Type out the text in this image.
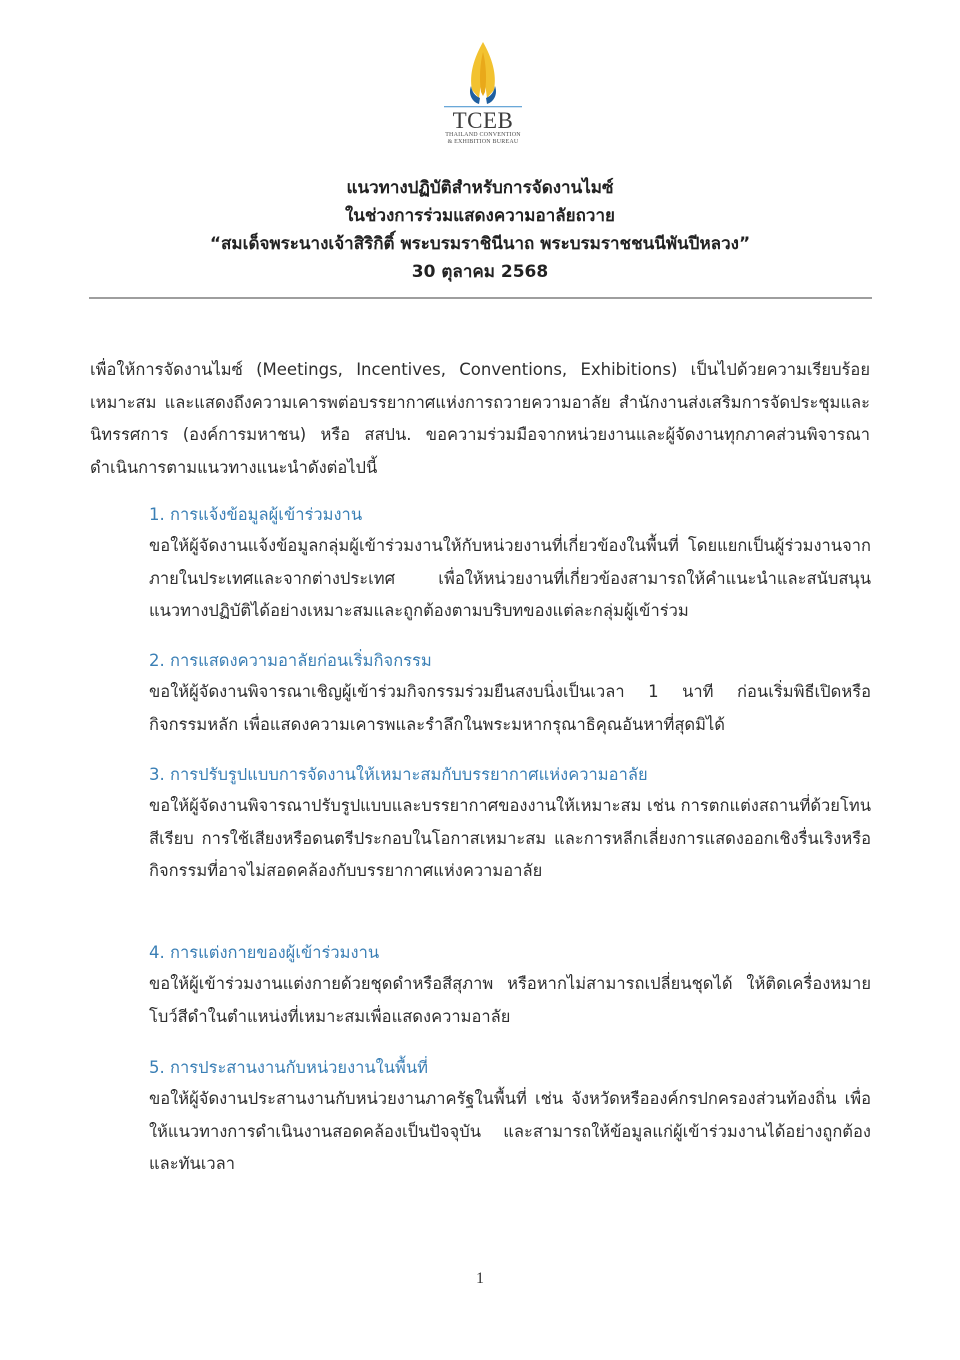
TCEB
THAILAND CONVENTION
& EXHIBITION BUREAU
แนวทางปฏิบัติสำหรับการจัดงานไมซ์
ในช่วงการร่วมแสดงความอาลัยถวาย
“สมเด็จพระนางเจ้าสิริกิติ์ พระบรมราชินีนาถ พระบรมราชชนนีพันปีหลวง”
30 ตุลาคม 2568
เพื่อให้การจัดงานไมซ์ (Meetings, Incentives, Conventions, Exhibitions) เป็นไปด้วยความเรียบร้อย เหมาะสม และแสดงถึงความเคารพต่อบรรยากาศแห่งการถวายความอาลัย สำนักงานส่งเสริมการจัดประชุมและนิทรรศการ (องค์การมหาชน) หรือ สสปน. ขอความร่วมมือจากหน่วยงานและผู้จัดงานทุกภาคส่วนพิจารณาดำเนินการตามแนวทางแนะนำดังต่อไปนี้
1. การแจ้งข้อมูลผู้เข้าร่วมงาน
ขอให้ผู้จัดงานแจ้งข้อมูลกลุ่มผู้เข้าร่วมงานให้กับหน่วยงานที่เกี่ยวข้องในพื้นที่ โดยแยกเป็นผู้ร่วมงานจากภายในประเทศและจากต่างประเทศ เพื่อให้หน่วยงานที่เกี่ยวข้องสามารถให้คำแนะนำและสนับสนุนแนวทางปฏิบัติได้อย่างเหมาะสมและถูกต้องตามบริบทของแต่ละกลุ่มผู้เข้าร่วม
2. การแสดงความอาลัยก่อนเริ่มกิจกรรม
ขอให้ผู้จัดงานพิจารณาเชิญผู้เข้าร่วมกิจกรรมร่วมยืนสงบนิ่งเป็นเวลา 1 นาที ก่อนเริ่มพิธีเปิดหรือกิจกรรมหลัก เพื่อแสดงความเคารพและรำลึกในพระมหากรุณาธิคุณอันหาที่สุดมิได้
3. การปรับรูปแบบการจัดงานให้เหมาะสมกับบรรยากาศแห่งความอาลัย
ขอให้ผู้จัดงานพิจารณาปรับรูปแบบและบรรยากาศของงานให้เหมาะสม เช่น การตกแต่งสถานที่ด้วยโทนสีเรียบ การใช้เสียงหรือดนตรีประกอบในโอกาสเหมาะสม และการหลีกเลี่ยงการแสดงออกเชิงรื่นเริงหรือกิจกรรมที่อาจไม่สอดคล้องกับบรรยากาศแห่งความอาลัย
4. การแต่งกายของผู้เข้าร่วมงาน
ขอให้ผู้เข้าร่วมงานแต่งกายด้วยชุดดำหรือสีสุภาพ หรือหากไม่สามารถเปลี่ยนชุดได้ ให้ติดเครื่องหมายโบว์สีดำในตำแหน่งที่เหมาะสมเพื่อแสดงความอาลัย
5. การประสานงานกับหน่วยงานในพื้นที่
ขอให้ผู้จัดงานประสานงานกับหน่วยงานภาครัฐในพื้นที่ เช่น จังหวัดหรือองค์กรปกครองส่วนท้องถิ่น เพื่อให้แนวทางการดำเนินงานสอดคล้องเป็นปัจจุบัน และสามารถให้ข้อมูลแก่ผู้เข้าร่วมงานได้อย่างถูกต้องและทันเวลา
1
